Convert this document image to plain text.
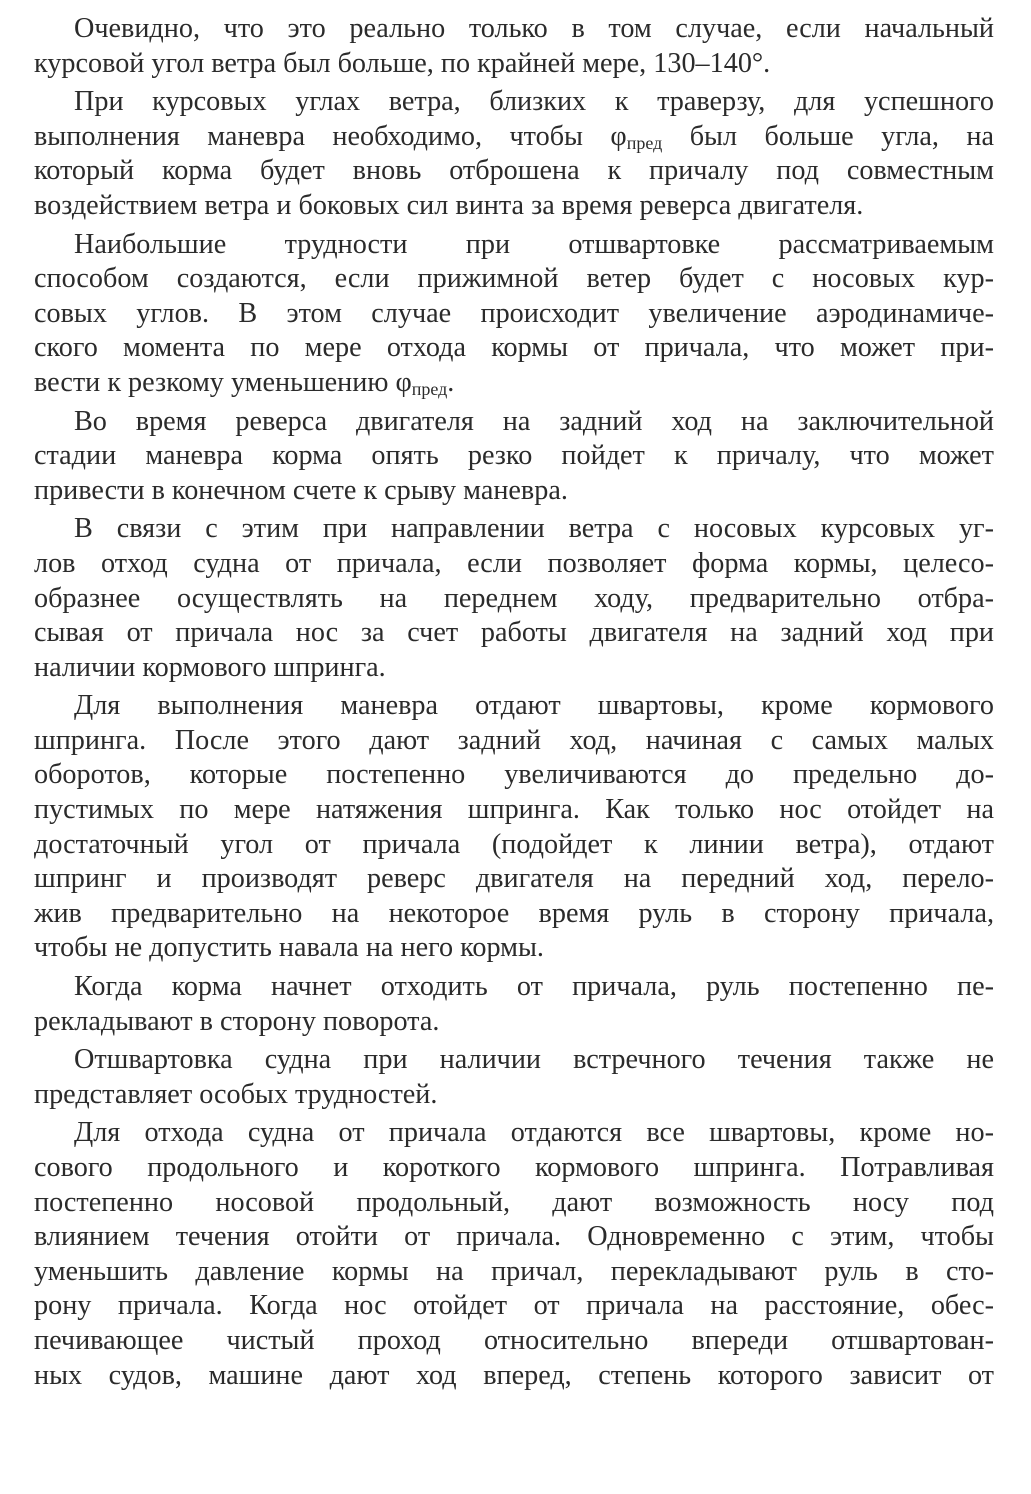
Очевидно, что это реально только в том случае, если начальный
курсовой угол ветра был больше, по крайней мере, 130–140°.

При курсовых углах ветра, близких к траверзу, для успешного
выполнения маневра необходимо, чтобы $\varphi_{пред}$ был больше угла, на
который корма будет вновь отброшена к причалу под совместным
воздействием ветра и боковых сил винта за время реверса двигателя.

Наибольшие трудности при отшвартовке рассматриваемым
способом создаются, если прижимной ветер будет с носовых кур-
совых углов. В этом случае происходит увеличение аэродинамиче-
ского момента по мере отхода кормы от причала, что может при-
вести к резкому уменьшению $\varphi_{пред}$.

Во время реверса двигателя на задний ход на заключительной
стадии маневра корма опять резко пойдет к причалу, что может
привести в конечном счете к срыву маневра.

В связи с этим при направлении ветра с носовых курсовых уг-
лов отход судна от причала, если позволяет форма кормы, целесо-
образнее осуществлять на переднем ходу, предварительно отбра-
сывая от причала нос за счет работы двигателя на задний ход при
наличии кормового шпринга.

Для выполнения маневра отдают швартовы, кроме кормового
шпринга. После этого дают задний ход, начиная с самых малых
оборотов, которые постепенно увеличиваются до предельно до-
пустимых по мере натяжения шпринга. Как только нос отойдет на
достаточный угол от причала (подойдет к линии ветра), отдают
шпринг и производят реверс двигателя на передний ход, перело-
жив предварительно на некоторое время руль в сторону причала,
чтобы не допустить навала на него кормы.

Когда корма начнет отходить от причала, руль постепенно пе-
рекладывают в сторону поворота.

Отшвартовка судна при наличии встречного течения также не
представляет особых трудностей.

Для отхода судна от причала отдаются все швартовы, кроме но-
сового продольного и короткого кормового шпринга. Потравливая
постепенно носовой продольный, дают возможность носу под
влиянием течения отойти от причала. Одновременно с этим, чтобы
уменьшить давление кормы на причал, перекладывают руль в сто-
рону причала. Когда нос отойдет от причала на расстояние, обес-
печивающее чистый проход относительно впереди отшвартован-
ных судов, машине дают ход вперед, степень которого зависит от
